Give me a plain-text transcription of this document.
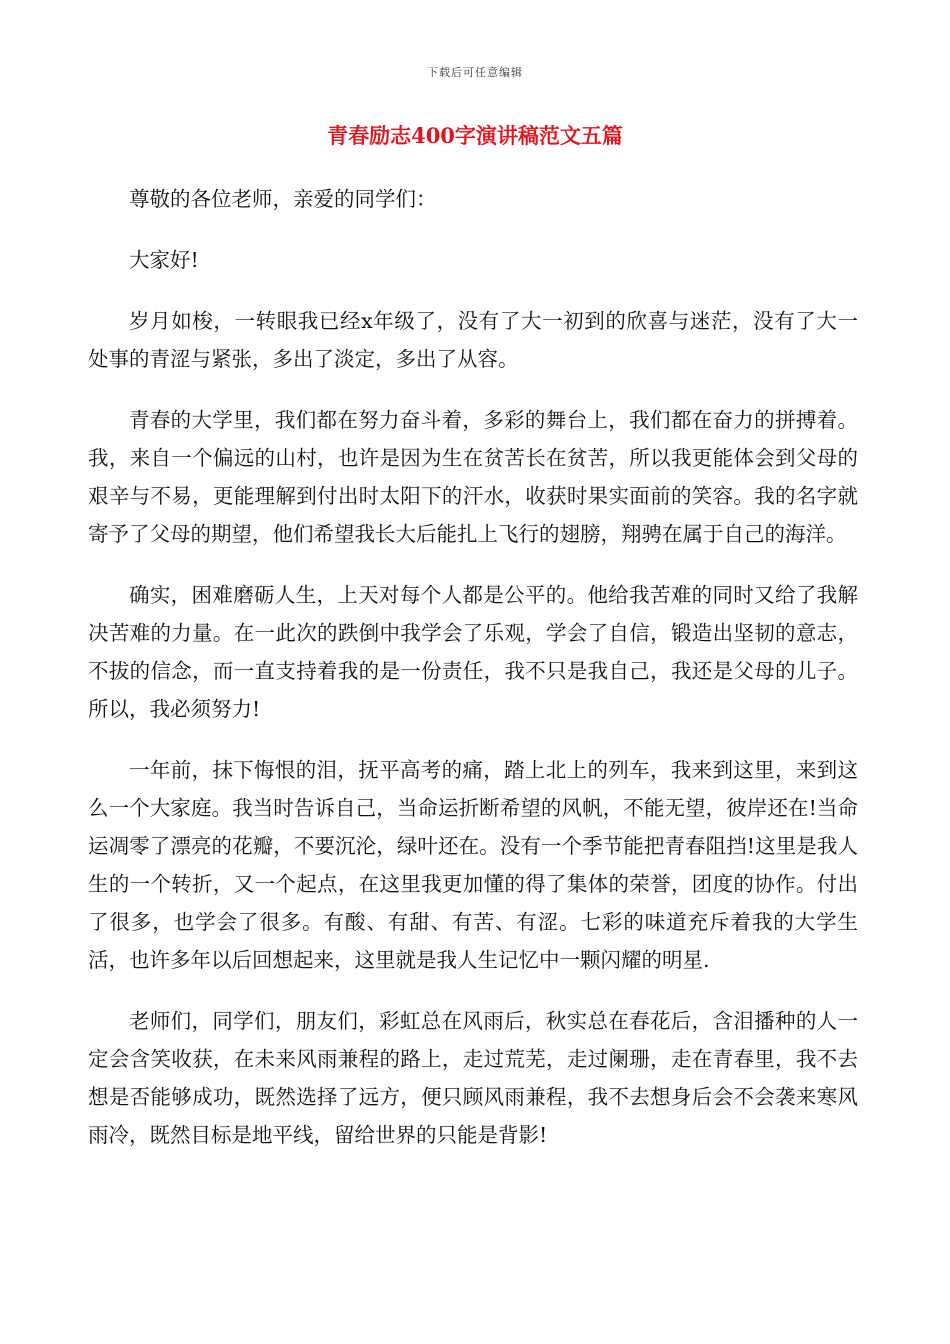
下载后可任意编辑
青春励志400字演讲稿范文五篇

尊敬的各位老师，亲爱的同学们：

大家好!

岁月如梭，一转眼我已经x年级了，没有了大一初到的欣喜与迷茫，没有了大一处事的青涩与紧张，多出了淡定，多出了从容。

青春的大学里，我们都在努力奋斗着，多彩的舞台上，我们都在奋力的拼搏着。我，来自一个偏远的山村，也许是因为生在贫苦长在贫苦，所以我更能体会到父母的艰辛与不易，更能理解到付出时太阳下的汗水，收获时果实面前的笑容。我的名字就寄予了父母的期望，他们希望我长大后能扎上飞行的翅膀，翔骋在属于自己的海洋。

确实，困难磨砺人生，上天对每个人都是公平的。他给我苦难的同时又给了我解决苦难的力量。在一此次的跌倒中我学会了乐观，学会了自信，锻造出坚韧的意志，不拔的信念，而一直支持着我的是一份责任，我不只是我自己，我还是父母的儿子。所以，我必须努力!

一年前，抹下悔恨的泪，抚平高考的痛，踏上北上的列车，我来到这里，来到这么一个大家庭。我当时告诉自己，当命运折断希望的风帆，不能无望，彼岸还在!当命运凋零了漂亮的花瓣，不要沉沦，绿叶还在。没有一个季节能把青春阻挡!这里是我人生的一个转折，又一个起点，在这里我更加懂的得了集体的荣誉，团度的协作。付出了很多，也学会了很多。有酸、有甜、有苦、有涩。七彩的味道充斥着我的大学生活，也许多年以后回想起来，这里就是我人生记忆中一颗闪耀的明星.

老师们，同学们，朋友们，彩虹总在风雨后，秋实总在春花后，含泪播种的人一定会含笑收获，在未来风雨兼程的路上，走过荒芜，走过阑珊，走在青春里，我不去想是否能够成功，既然选择了远方，便只顾风雨兼程，我不去想身后会不会袭来寒风雨冷，既然目标是地平线，留给世界的只能是背影!
